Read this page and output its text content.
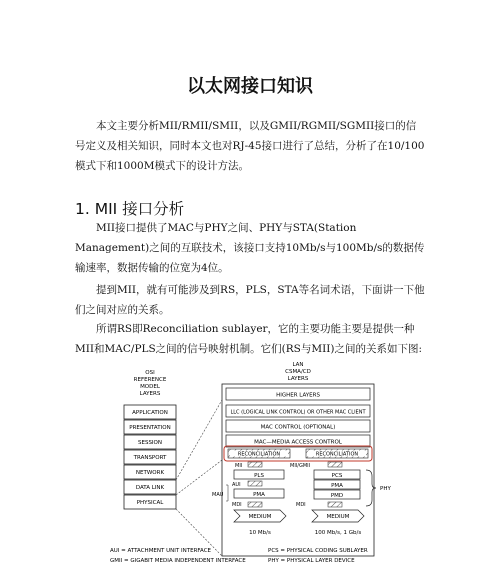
以太网接口知识

本文主要分析MII/RMII/SMII，以及GMII/RGMII/SGMII接口的信号定义及相关知识，同时本文也对RJ-45接口进行了总结，分析了在10/100模式下和1000M模式下的设计方法。

1. MII 接口分析

MII接口提供了MAC与PHY之间、PHY与STA(Station Management)之间的互联技术，该接口支持10Mb/s与100Mb/s的数据传输速率，数据传输的位宽为4位。

提到MII，就有可能涉及到RS，PLS，STA等名词术语，下面讲一下他们之间对应的关系。

所谓RS即Reconciliation sublayer，它的主要功能主要是提供一种MII和MAC/PLS之间的信号映射机制。它们(RS与MII)之间的关系如下图:

OSI
REFERENCE
MODEL
LAYERS
LAN
CSMA/CD
LAYERS
APPLICATION
PRESENTATION
SESSION
TRANSPORT
NETWORK
DATA LINK
PHYSICAL
HIGHER LAYERS
LLC (LOGICAL LINK CONTROL) OR OTHER MAC CLIENT
MAC CONTROL (OPTIONAL)
MAC—MEDIA ACCESS CONTROL
RECONCILIATION	RECONCILIATION
MII
PLS
AUI
PMA
MAU
MDI
MEDIUM
10 Mb/s
MII/GMII
PCS
PMA
PMD
MDI
MEDIUM
100 Mb/s, 1 Gb/s
PHY
AUI = ATTACHMENT UNIT INTERFACE
GMII = GIGABIT MEDIA INDEPENDENT INTERFACE
PCS = PHYSICAL CODING SUBLAYER
PHY = PHYSICAL LAYER DEVICE
